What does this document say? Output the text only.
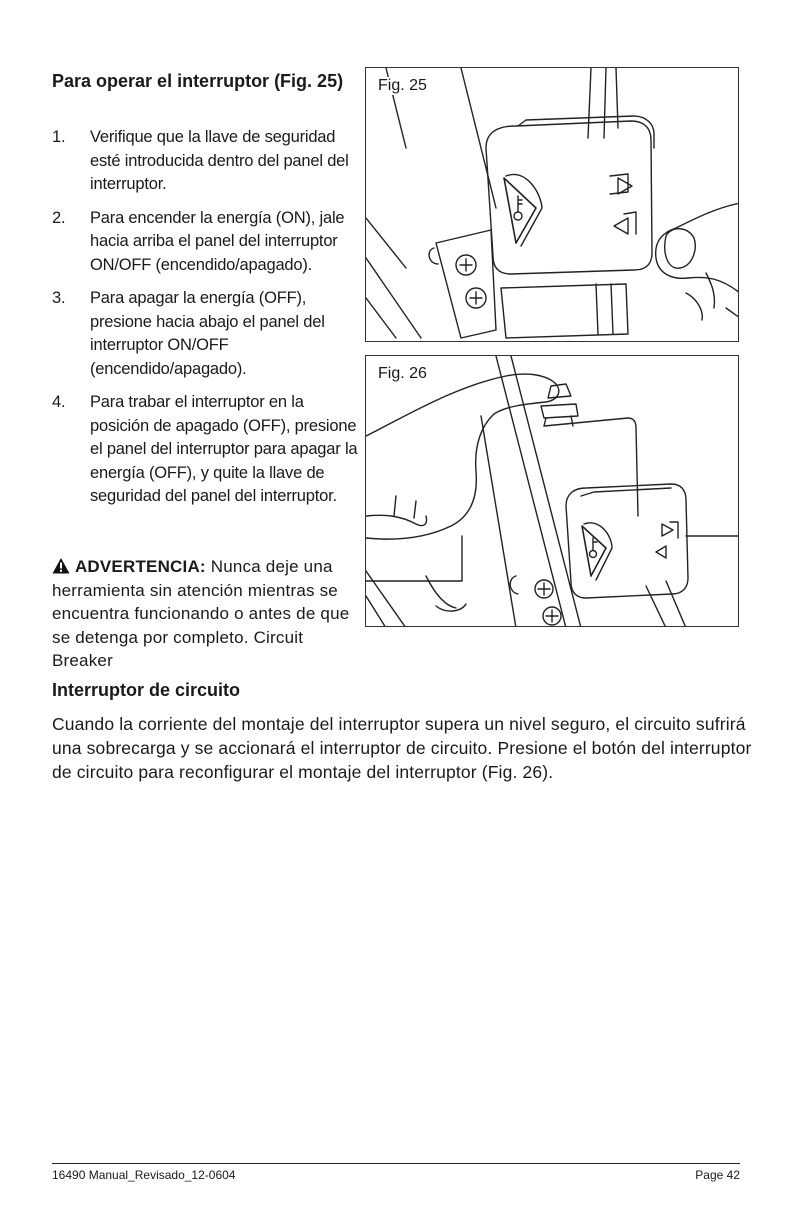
Para operar el interruptor (Fig. 25)
1.	Verifique que la llave de seguridad esté introducida dentro del panel del interruptor.
2.	Para encender la energía (ON), jale hacia arriba el panel del interruptor ON/OFF (encendido/apagado).
3.	Para apagar la energía (OFF), presione hacia abajo el panel del interruptor ON/OFF (encendido/apagado).
4.	Para trabar el interruptor en la posición de apagado (OFF), presione el panel del interruptor para apagar la energía (OFF), y quite la llave de seguridad del panel del interruptor.
ADVERTENCIA: Nunca deje una herramienta sin atención mientras se encuentra funcionando o antes de que se detenga por completo. Circuit Breaker
Interruptor de circuito

Cuando la corriente del montaje del interruptor supera un nivel seguro, el circuito sufrirá una sobrecarga y se accionará el interruptor de circuito. Presione el botón del interruptor de circuito para reconfigurar el montaje del interruptor (Fig. 26).

Fig. 25
Fig. 26
16490 Manual_Revisado_12-0604	Page 42
